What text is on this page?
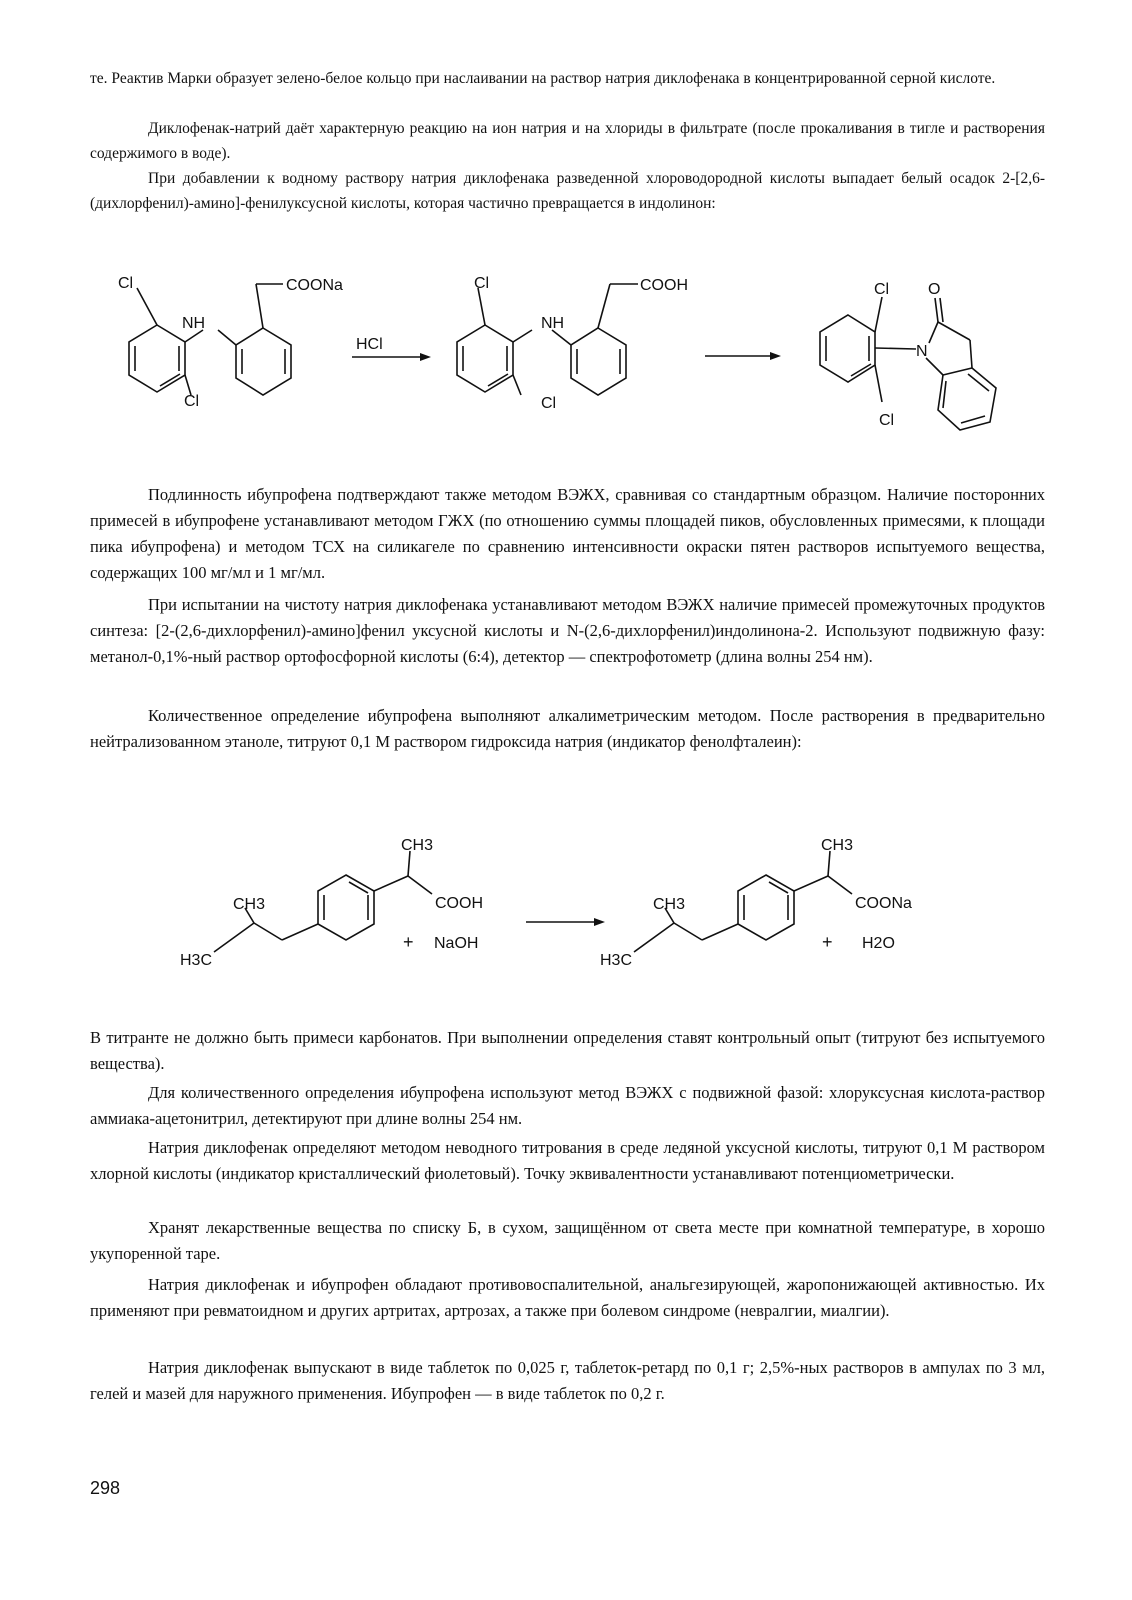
те. Реактив Марки образует зелено-белое кольцо при наслаивании на раствор натрия диклофенака в концентрированной серной кислоте.

Диклофенак-натрий даёт характерную реакцию на ион натрия и на хлориды в фильтрате (после прокаливания в тигле и растворения содержимого в воде).

При добавлении к водному раствору натрия диклофенака разведенной хлороводородной кислоты выпадает белый осадок 2-[2,6-(дихлорфенил)-амино]-фенилуксусной кислоты, которая частично превращается в индолинон:

Cl
NH
COONa
Cl
HCl
Cl
NH
COOH
Cl
Cl O
N
Cl

Подлинность ибупрофена подтверждают также методом ВЭЖХ, сравнивая со стандартным образцом. Наличие посторонних примесей в ибупрофене устанавливают методом ГЖХ (по отношению суммы площадей пиков, обусловленных примесями, к площади пика ибупрофена) и методом ТСХ на силикагеле по сравнению интенсивности окраски пятен растворов испытуемого вещества, содержащих 100 мг/мл и 1 мг/мл.

При испытании на чистоту натрия диклофенака устанавливают методом ВЭЖХ наличие примесей промежуточных продуктов синтеза: [2-(2,6-дихлорфенил)-амино]фенил уксусной кислоты и N-(2,6-дихлорфенил)индолинона-2. Используют подвижную фазу: метанол-0,1%-ный раствор ортофосфорной кислоты (6:4), детектор — спектрофотометр (длина волны 254 нм).

Количественное определение ибупрофена выполняют алкалиметрическим методом. После растворения в предварительно нейтрализованном этаноле, титруют 0,1 М раствором гидроксида натрия (индикатор фенолфталеин):

CH3
COOH
CH3
H3C
+ NaOH
CH3
COONa
CH3
H3C
+ H2O

В титранте не должно быть примеси карбонатов. При выполнении определения ставят контрольный опыт (титруют без испытуемого вещества).

Для количественного определения ибупрофена используют метод ВЭЖХ с подвижной фазой: хлоруксусная кислота-раствор аммиака-ацетонитрил, детектируют при длине волны 254 нм.

Натрия диклофенак определяют методом неводного титрования в среде ледяной уксусной кислоты, титруют 0,1 М раствором хлорной кислоты (индикатор кристаллический фиолетовый). Точку эквивалентности устанавливают потенциометрически.

Хранят лекарственные вещества по списку Б, в сухом, защищённом от света месте при комнатной температуре, в хорошо укупоренной таре.

Натрия диклофенак и ибупрофен обладают противовоспалительной, анальгезирующей, жаропонижающей активностью. Их применяют при ревматоидном и других артритах, артрозах, а также при болевом синдроме (невралгии, миалгии).

Натрия диклофенак выпускают в виде таблеток по 0,025 г, таблеток-ретард по 0,1 г; 2,5%-ных растворов в ампулах по 3 мл, гелей и мазей для наружного применения. Ибупрофен — в виде таблеток по 0,2 г.

298
